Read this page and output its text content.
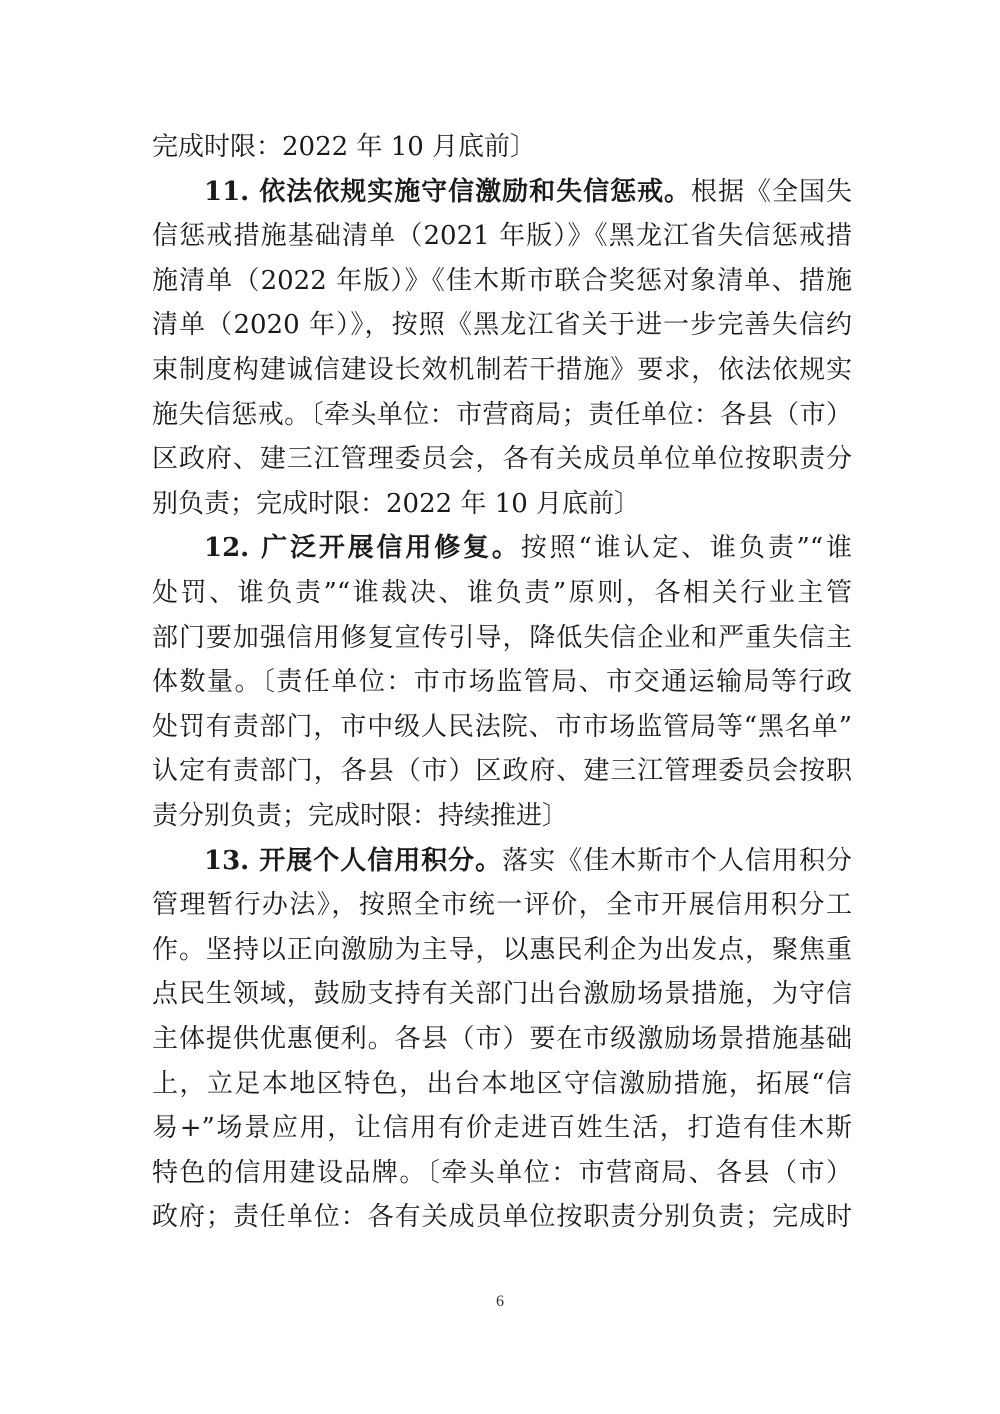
完成时限：2022 年 10 月底前〕
11. 依法依规实施守信激励和失信惩戒。根据《全国失
信惩戒措施基础清单（2021 年版）》《黑龙江省失信惩戒措
施清单（2022 年版）》《佳木斯市联合奖惩对象清单、措施
清单（2020 年）》，按照《黑龙江省关于进一步完善失信约
束制度构建诚信建设长效机制若干措施》要求，依法依规实
施失信惩戒。〔牵头单位：市营商局；责任单位：各县（市）
区政府、建三江管理委员会，各有关成员单位单位按职责分
别负责；完成时限：2022 年 10 月底前〕
12. 广泛开展信用修复。按照“谁认定、谁负责”“谁
处罚、谁负责”“谁裁决、谁负责”原则，各相关行业主管
部门要加强信用修复宣传引导，降低失信企业和严重失信主
体数量。〔责任单位：市市场监管局、市交通运输局等行政
处罚有责部门，市中级人民法院、市市场监管局等“黑名单”
认定有责部门，各县（市）区政府、建三江管理委员会按职
责分别负责；完成时限：持续推进〕
13. 开展个人信用积分。落实《佳木斯市个人信用积分
管理暂行办法》，按照全市统一评价，全市开展信用积分工
作。坚持以正向激励为主导，以惠民利企为出发点，聚焦重
点民生领域，鼓励支持有关部门出台激励场景措施，为守信
主体提供优惠便利。各县（市）要在市级激励场景措施基础
上，立足本地区特色，出台本地区守信激励措施，拓展“信
易+”场景应用，让信用有价走进百姓生活，打造有佳木斯
特色的信用建设品牌。〔牵头单位：市营商局、各县（市）
政府；责任单位：各有关成员单位按职责分别负责；完成时
6
